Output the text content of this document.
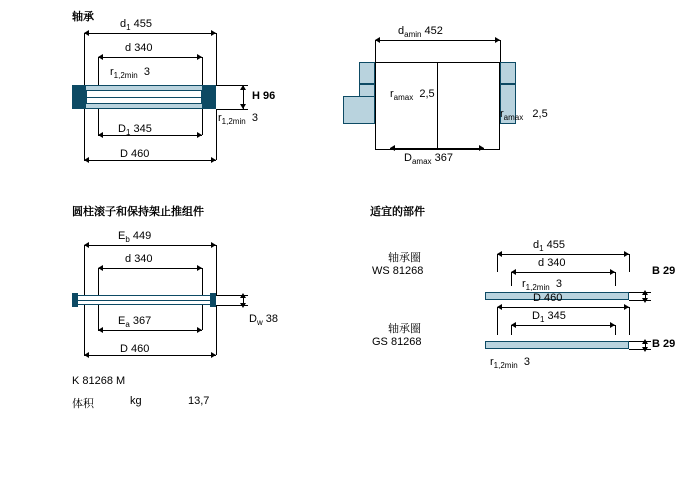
轴承
圆柱滚子和保持架止推组件	适宜的部件
$d_1$ 455
d 340
$r_{1,2min}$ 3
H 96
$r_{1,2min}$ 3
$D_1$ 345
D 460
$d_{amin}$ 452
$r_{amax}$ 2,5
$r_{amax}$ 2,5
$D_{amax}$ 367
$E_b$ 449
d 340
$D_w$ 38
$E_a$ 367
D 460
K 81268 M
体积	kg	13,7
轴承圈
WS 81268
$d_1$ 455
d 340
$r_{1,2min}$ 3
B 29
轴承圈
GS 81268
D 460
$D_1$ 345
B 29
$r_{1,2min}$ 3
